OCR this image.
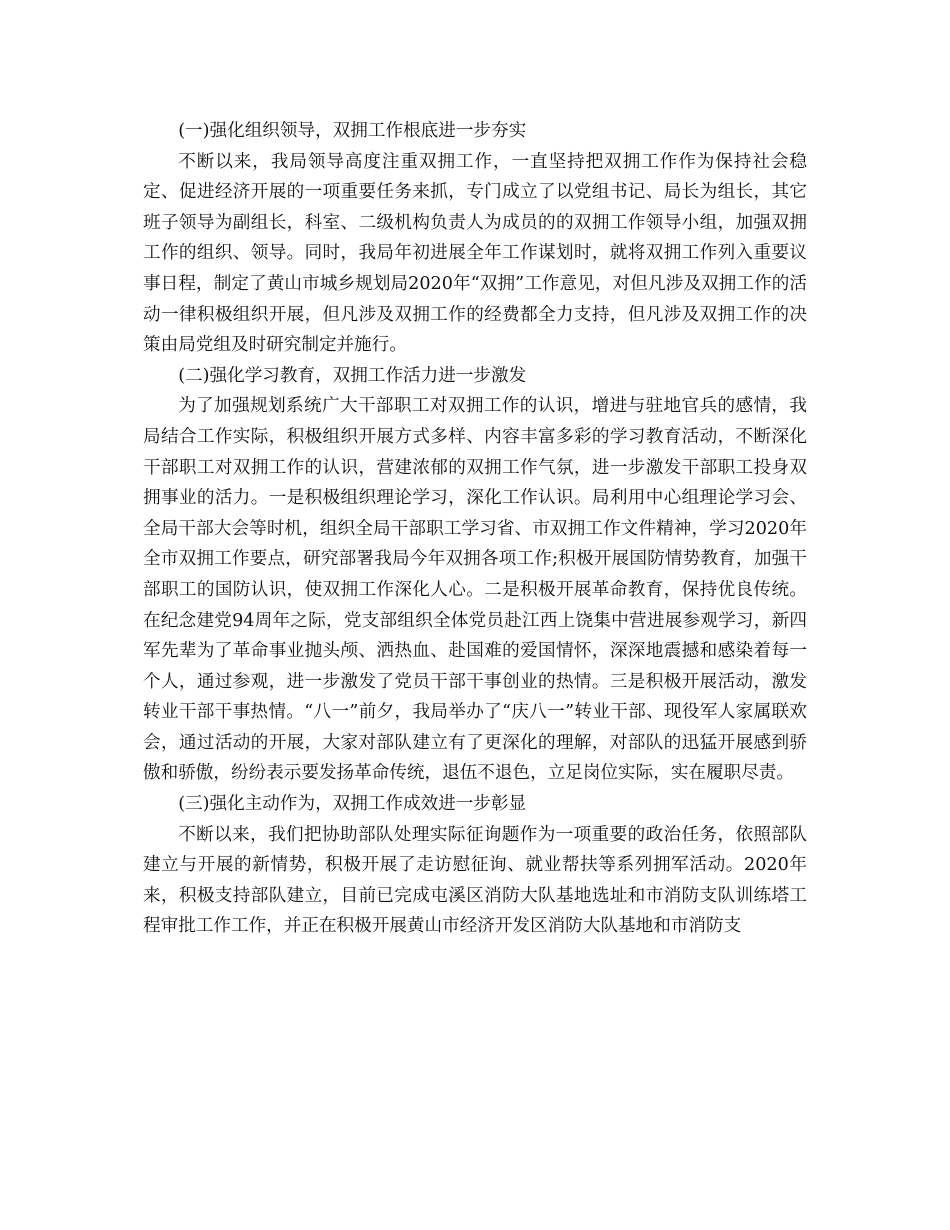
(一)强化组织领导，双拥工作根底进一步夯实

不断以来，我局领导高度注重双拥工作，一直坚持把双拥工作作为保持社会稳定、促进经济开展的一项重要任务来抓，专门成立了以党组书记、局长为组长，其它班子领导为副组长，科室、二级机构负责人为成员的的双拥工作领导小组，加强双拥工作的组织、领导。同时，我局年初进展全年工作谋划时，就将双拥工作列入重要议事日程，制定了黄山市城乡规划局2020年“双拥”工作意见，对但凡涉及双拥工作的活动一律积极组织开展，但凡涉及双拥工作的经费都全力支持，但凡涉及双拥工作的决策由局党组及时研究制定并施行。

(二)强化学习教育，双拥工作活力进一步激发

为了加强规划系统广大干部职工对双拥工作的认识，增进与驻地官兵的感情，我局结合工作实际，积极组织开展方式多样、内容丰富多彩的学习教育活动，不断深化干部职工对双拥工作的认识，营建浓郁的双拥工作气氛，进一步激发干部职工投身双拥事业的活力。一是积极组织理论学习，深化工作认识。局利用中心组理论学习会、全局干部大会等时机，组织全局干部职工学习省、市双拥工作文件精神，学习2020年全市双拥工作要点，研究部署我局今年双拥各项工作;积极开展国防情势教育，加强干部职工的国防认识，使双拥工作深化人心。二是积极开展革命教育，保持优良传统。在纪念建党94周年之际，党支部组织全体党员赴江西上饶集中营进展参观学习，新四军先辈为了革命事业抛头颅、洒热血、赴国难的爱国情怀，深深地震撼和感染着每一个人，通过参观，进一步激发了党员干部干事创业的热情。三是积极开展活动，激发转业干部干事热情。“八一”前夕，我局举办了“庆八一”转业干部、现役军人家属联欢会，通过活动的开展，大家对部队建立有了更深化的理解，对部队的迅猛开展感到骄傲和骄傲，纷纷表示要发扬革命传统，退伍不退色，立足岗位实际，实在履职尽责。

(三)强化主动作为，双拥工作成效进一步彰显

不断以来，我们把协助部队处理实际征询题作为一项重要的政治任务，依照部队建立与开展的新情势，积极开展了走访慰征询、就业帮扶等系列拥军活动。2020年来，积极支持部队建立，目前已完成屯溪区消防大队基地选址和市消防支队训练塔工程审批工作工作，并正在积极开展黄山市经济开发区消防大队基地和市消防支
